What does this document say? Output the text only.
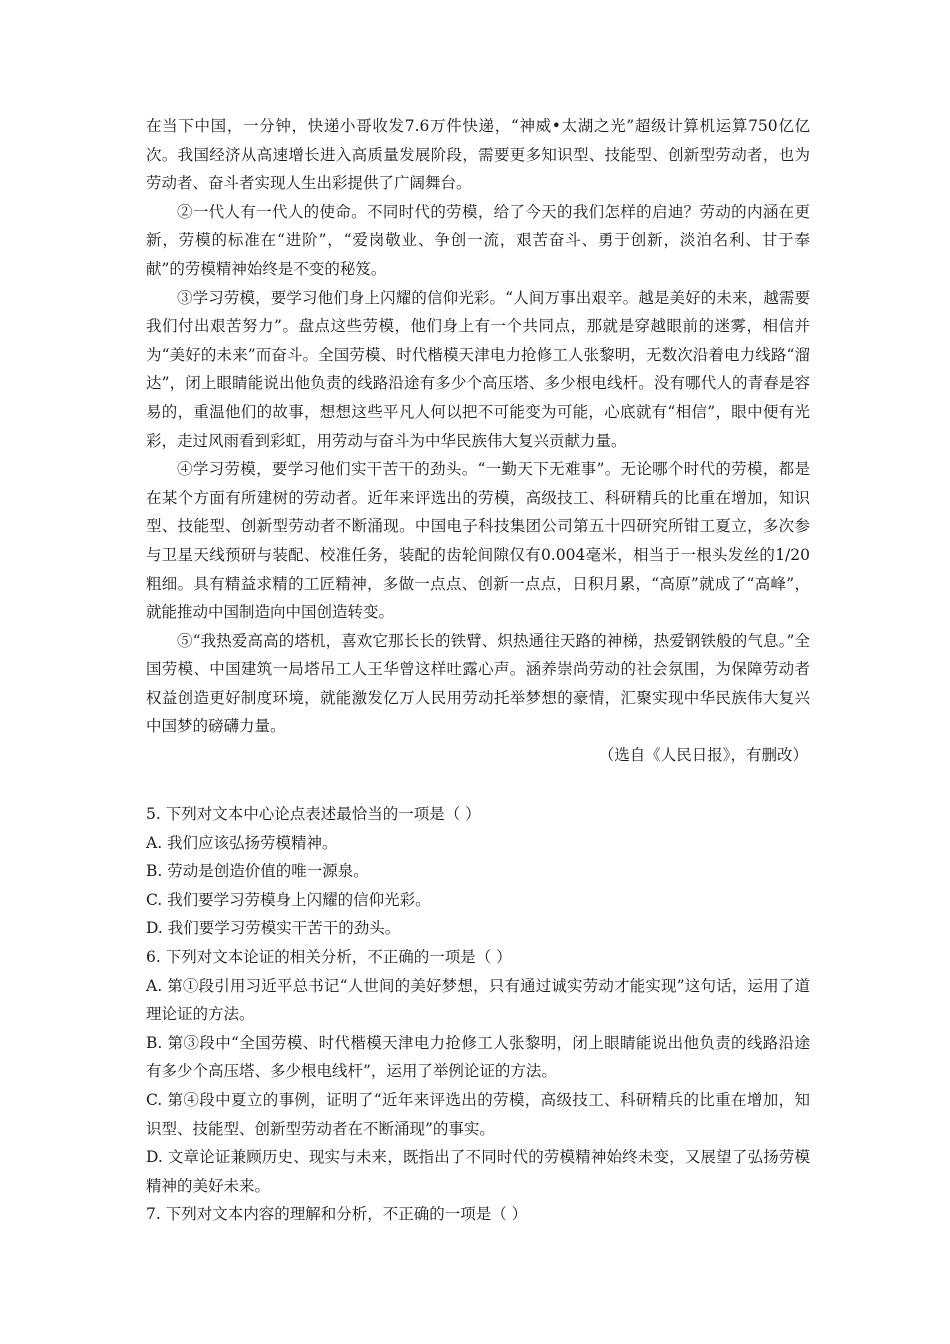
在当下中国，一分钟，快递小哥收发7.6万件快递，“神威•太湖之光”超级计算机运算750亿亿次。我国经济从高速增长进入高质量发展阶段，需要更多知识型、技能型、创新型劳动者，也为劳动者、奋斗者实现人生出彩提供了广阔舞台。

②一代人有一代人的使命。不同时代的劳模，给了今天的我们怎样的启迪？劳动的内涵在更新，劳模的标准在“进阶”，“爱岗敬业、争创一流，艰苦奋斗、勇于创新，淡泊名利、甘于奉献”的劳模精神始终是不变的秘笈。

③学习劳模，要学习他们身上闪耀的信仰光彩。“人间万事出艰辛。越是美好的未来，越需要我们付出艰苦努力”。盘点这些劳模，他们身上有一个共同点，那就是穿越眼前的迷雾，相信并为“美好的未来”而奋斗。全国劳模、时代楷模天津电力抢修工人张黎明，无数次沿着电力线路“溜达”，闭上眼睛能说出他负责的线路沿途有多少个高压塔、多少根电线杆。没有哪代人的青春是容易的，重温他们的故事，想想这些平凡人何以把不可能变为可能，心底就有“相信”，眼中便有光彩，走过风雨看到彩虹，用劳动与奋斗为中华民族伟大复兴贡献力量。

④学习劳模，要学习他们实干苦干的劲头。“一勤天下无难事”。无论哪个时代的劳模，都是在某个方面有所建树的劳动者。近年来评选出的劳模，高级技工、科研精兵的比重在增加，知识型、技能型、创新型劳动者不断涌现。中国电子科技集团公司第五十四研究所钳工夏立，多次参与卫星天线预研与装配、校准任务，装配的齿轮间隙仅有0.004毫米，相当于一根头发丝的1/20粗细。具有精益求精的工匠精神，多做一点点、创新一点点，日积月累，“高原”就成了“高峰”，就能推动中国制造向中国创造转变。

⑤“我热爱高高的塔机，喜欢它那长长的铁臂、炽热通往天路的神梯，热爱钢铁般的气息。”全国劳模、中国建筑一局塔吊工人王华曾这样吐露心声。涵养崇尚劳动的社会氛围，为保障劳动者权益创造更好制度环境，就能激发亿万人民用劳动托举梦想的豪情，汇聚实现中华民族伟大复兴中国梦的磅礴力量。

（选自《人民日报》，有删改）

5. 下列对文本中心论点表述最恰当的一项是（ ）

A. 我们应该弘扬劳模精神。

B. 劳动是创造价值的唯一源泉。

C. 我们要学习劳模身上闪耀的信仰光彩。

D. 我们要学习劳模实干苦干的劲头。

6. 下列对文本论证的相关分析，不正确的一项是（ ）

A. 第①段引用习近平总书记“人世间的美好梦想，只有通过诚实劳动才能实现”这句话，运用了道理论证的方法。

B. 第③段中“全国劳模、时代楷模天津电力抢修工人张黎明，闭上眼睛能说出他负责的线路沿途有多少个高压塔、多少根电线杆”，运用了举例论证的方法。

C. 第④段中夏立的事例，证明了“近年来评选出的劳模，高级技工、科研精兵的比重在增加，知识型、技能型、创新型劳动者在不断涌现”的事实。

D. 文章论证兼顾历史、现实与未来，既指出了不同时代的劳模精神始终未变，又展望了弘扬劳模精神的美好未来。

7. 下列对文本内容的理解和分析，不正确的一项是（ ）
